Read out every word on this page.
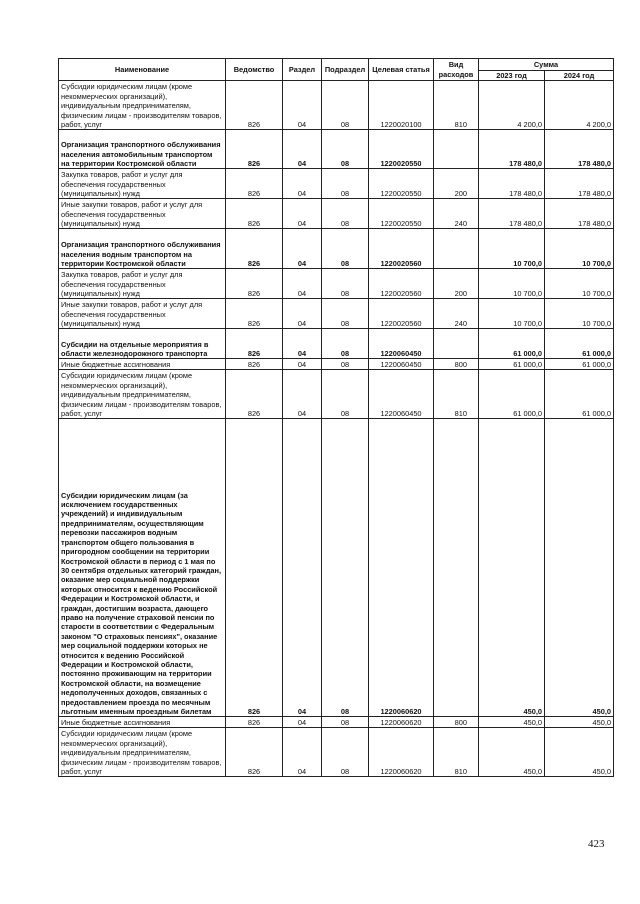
Наименование	Ведомство	Раздел	Подраздел	Целевая статья	Вид расходов	Сумма	
						2023 год	2024 год
Субсидии юридическим лицам (кроме некоммерческих организаций), индивидуальным предпринимателям, физическим лицам - производителям товаров, работ, услуг	826	04	08	1220020100	810	4 200,0	4 200,0
Организация транспортного обслуживания населения автомобильным транспортом на территории Костромской области	826	04	08	1220020550		178 480,0	178 480,0
Закупка товаров, работ и услуг для обеспечения государственных (муниципальных) нужд	826	04	08	1220020550	200	178 480,0	178 480,0
Иные закупки товаров, работ и услуг для обеспечения государственных (муниципальных) нужд	826	04	08	1220020550	240	178 480,0	178 480,0
Организация транспортного обслуживания населения водным транспортом на территории Костромской области	826	04	08	1220020560		10 700,0	10 700,0
Закупка товаров, работ и услуг для обеспечения государственных (муниципальных) нужд	826	04	08	1220020560	200	10 700,0	10 700,0
Иные закупки товаров, работ и услуг для обеспечения государственных (муниципальных) нужд	826	04	08	1220020560	240	10 700,0	10 700,0
Субсидии на отдельные мероприятия в области железнодорожного транспорта	826	04	08	1220060450		61 000,0	61 000,0
Иные бюджетные ассигнования	826	04	08	1220060450	800	61 000,0	61 000,0
Субсидии юридическим лицам (кроме некоммерческих организаций), индивидуальным предпринимателям, физическим лицам - производителям товаров, работ, услуг	826	04	08	1220060450	810	61 000,0	61 000,0
Субсидии юридическим лицам (за исключением государственных учреждений) и индивидуальным предпринимателям, осуществляющим перевозки пассажиров водным транспортом общего пользования в пригородном сообщении на территории Костромской области в период с 1 мая по 30 сентября отдельных категорий граждан, оказание мер социальной поддержки которых относится к ведению Российской Федерации и Костромской области, и граждан, достигшим возраста, дающего право на получение страховой пенсии по старости в соответствии с Федеральным законом "О страховых пенсиях", оказание мер социальной поддержки которых не относится к ведению Российской Федерации и Костромской области, постоянно проживающим на территории Костромской области, на возмещение недополученных доходов, связанных с предоставлением проезда по месячным льготным именным проездным билетам	826	04	08	1220060620		450,0	450,0
Иные бюджетные ассигнования	826	04	08	1220060620	800	450,0	450,0
Субсидии юридическим лицам (кроме некоммерческих организаций), индивидуальным предпринимателям, физическим лицам - производителям товаров, работ, услуг	826	04	08	1220060620	810	450,0	450,0
423
